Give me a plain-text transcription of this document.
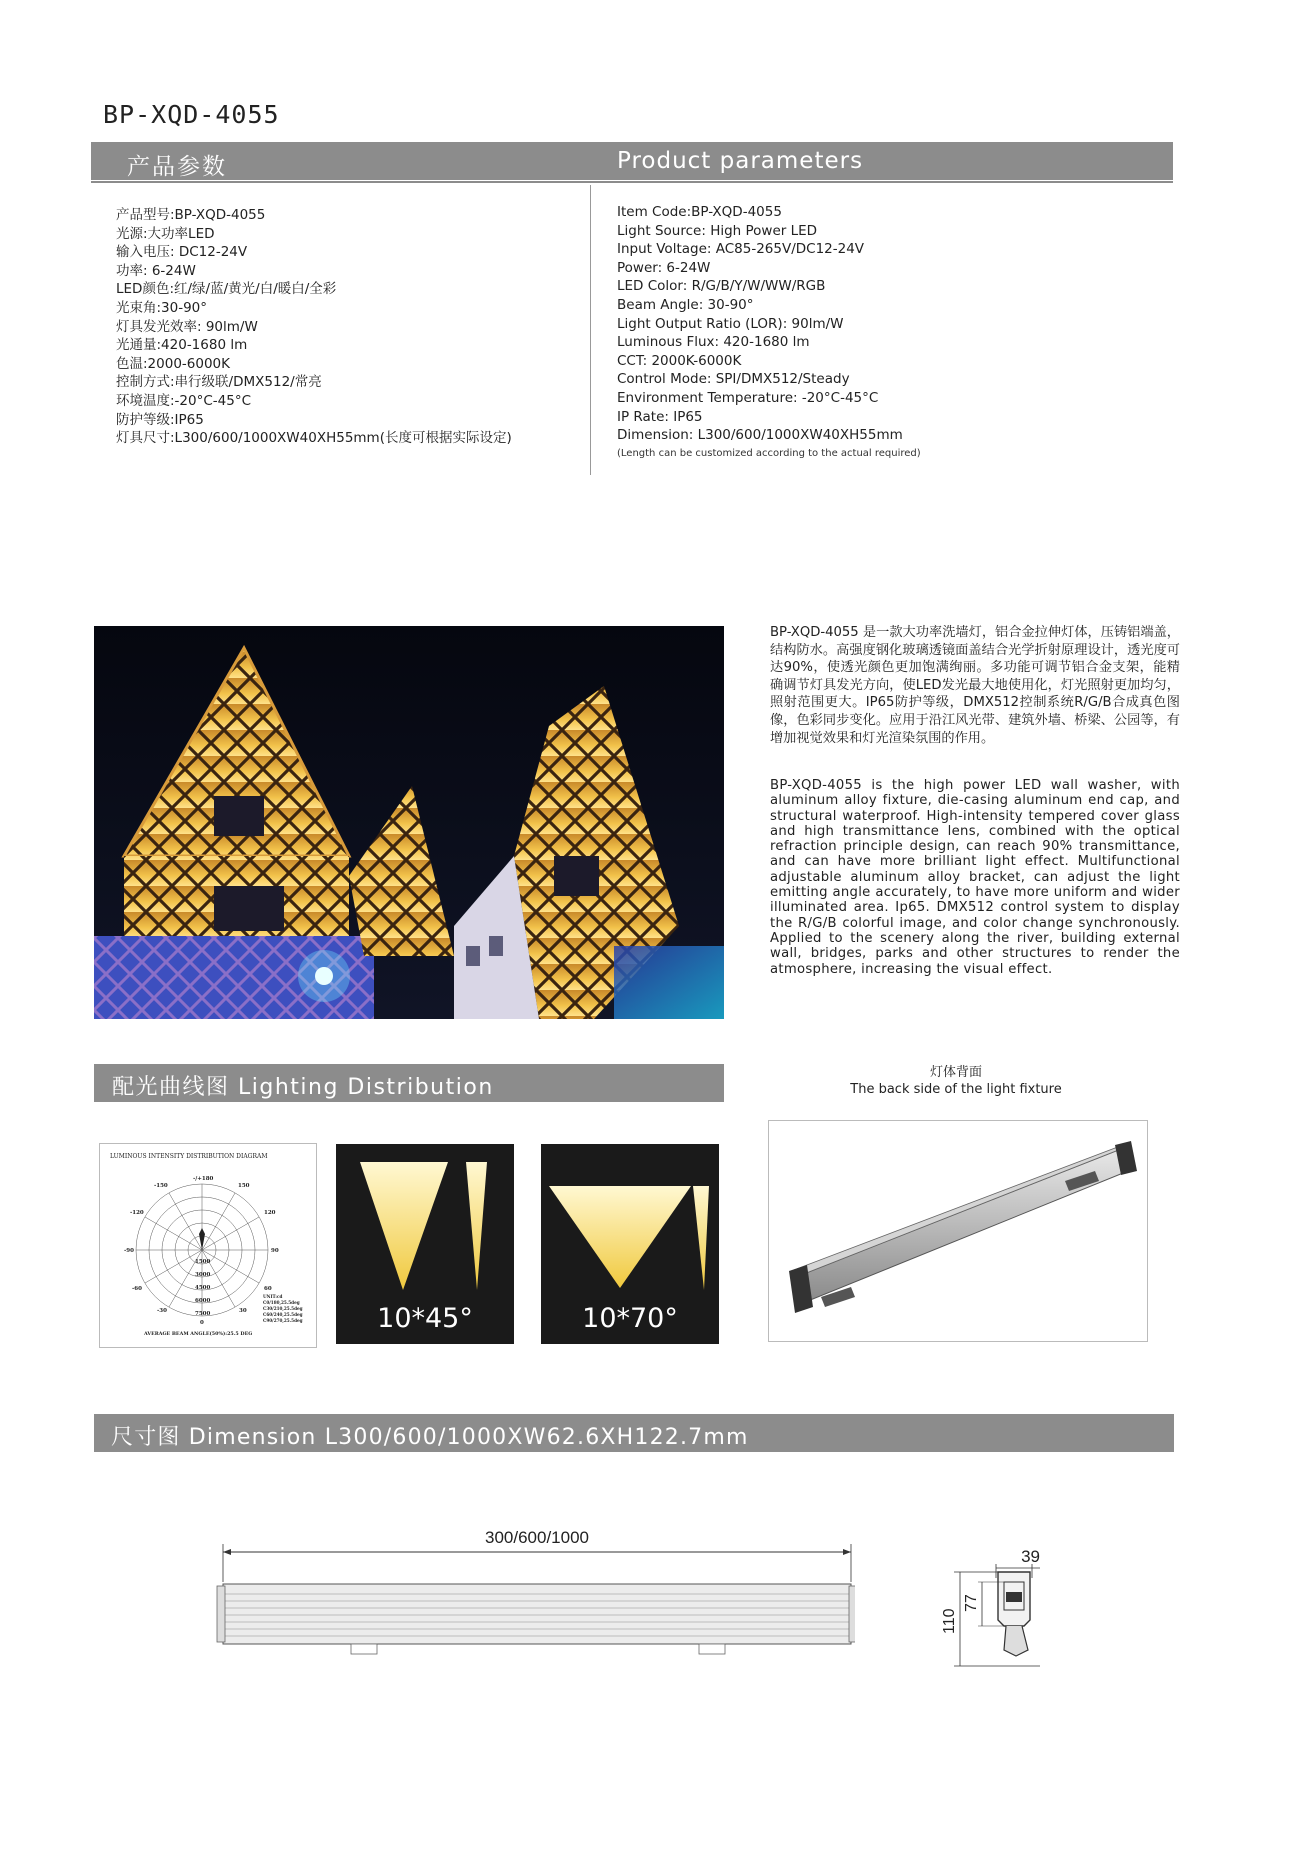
BP-XQD-4055
产品参数	Product parameters
产品型号:BP-XQD-4055
光源:大功率LED
输入电压: DC12-24V
功率: 6-24W
LED颜色:红/绿/蓝/黄光/白/暖白/全彩
光束角:30-90°
灯具发光效率: 90lm/W
光通量:420-1680 lm
色温:2000-6000K
控制方式:串行级联/DMX512/常亮
环境温度:-20°C-45°C
防护等级:IP65
灯具尺寸:L300/600/1000XW40XH55mm(长度可根据实际设定)
Item Code:BP-XQD-4055
Light Source: High Power LED
Input Voltage: AC85-265V/DC12-24V
Power: 6-24W
LED Color: R/G/B/Y/W/WW/RGB
Beam Angle: 30-90°
Light Output Ratio (LOR): 90lm/W
Luminous Flux: 420-1680 lm
CCT: 2000K-6000K
Control Mode: SPI/DMX512/Steady
Environment Temperature: -20°C-45°C
IP Rate: IP65
Dimension: L300/600/1000XW40XH55mm
(Length can be customized according to the actual required)
BP-XQD-4055 是一款大功率洗墙灯，铝合金拉伸灯体，压铸铝端盖，结构防水。高强度钢化玻璃透镜面盖结合光学折射原理设计，透光度可达90%，使透光颜色更加饱满绚丽。多功能可调节铝合金支架，能精确调节灯具发光方向，使LED发光最大地使用化，灯光照射更加均匀，照射范围更大。IP65防护等级，DMX512控制系统R/G/B合成真色图像，色彩同步变化。应用于沿江风光带、建筑外墙、桥梁、公园等，有增加视觉效果和灯光渲染氛围的作用。
BP-XQD-4055 is the high power LED wall washer, with aluminum alloy fixture, die-casing aluminum end cap, and structural waterproof. High-intensity tempered cover glass and high transmittance lens, combined with the optical refraction principle design, can reach 90% transmittance, and can have more brilliant light effect. Multifunctional adjustable aluminum alloy bracket, can adjust the light emitting angle accurately, to have more uniform and wider illuminated area. Ip65. DMX512 control system to display the R/G/B colorful image, and color change synchronously. Applied to the scenery along the river, building external wall, bridges, parks and other structures to render the atmosphere, increasing the visual effect.
配光曲线图 Lighting Distribution
灯体背面
The back side of the light fixture
LUMINOUS INTENSITY DISTRIBUTION DIAGRAM
-/+180
-150	150
-120	120
-90	90
-60	60
-30	30
0
1500
3000
4500
6000
7500
UNIT:cd
C0/180,25.5deg
C30/210,25.5deg
C60/240,25.5deg
C90/270,25.5deg
AVERAGE BEAM ANGLE(50%):25.5 DEG	10*45°	10*70°
尺寸图 Dimension L300/600/1000XW62.6XH122.7mm
300/600/1000
39
110
77
